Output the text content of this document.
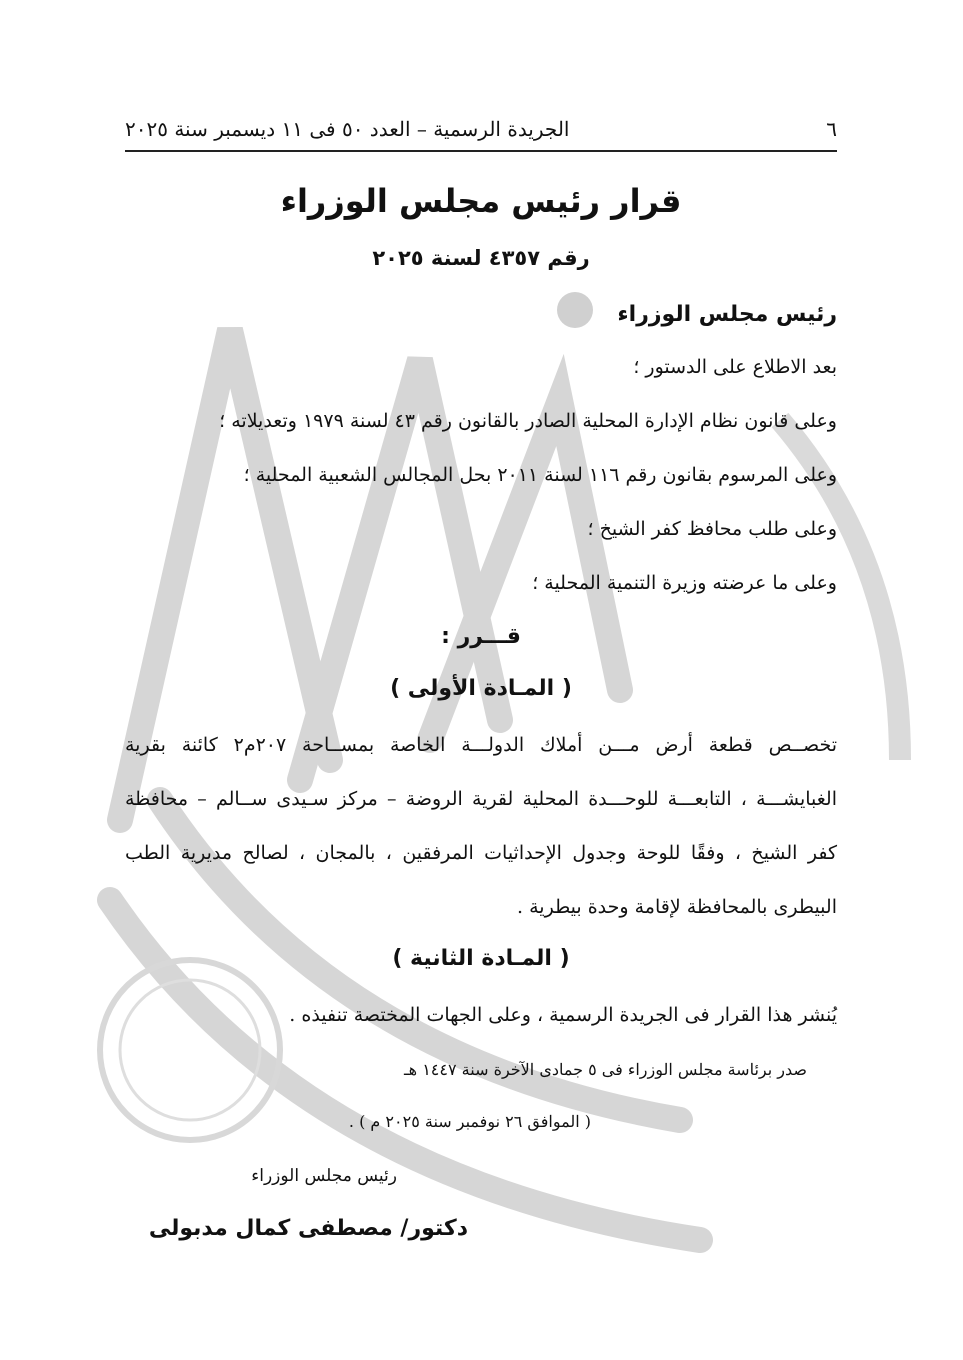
٦
الجريدة الرسمية – العدد ٥٠ فى ١١ ديسمبر سنة ٢٠٢٥
قرار رئيس مجلس الوزراء
رقم ٤٣٥٧ لسنة ٢٠٢٥
رئيس مجلس الوزراء
بعد الاطلاع على الدستور ؛
وعلى قانون نظام الإدارة المحلية الصادر بالقانون رقم ٤٣ لسنة ١٩٧٩ وتعديلاته ؛
وعلى المرسوم بقانون رقم ١١٦ لسنة ٢٠١١ بحل المجالس الشعبية المحلية ؛
وعلى طلب محافظ كفر الشيخ ؛
وعلى ما عرضته وزيرة التنمية المحلية ؛
قـــرر :
( المـادة الأولى )
تخصــص قطعة أرض مـــن أملاك الدولـــة الخاصة بمســاحة ٢٠٧م٢ كائنة بقرية
الغبايشـــة ، التابعـــة للوحـــدة المحلية لقرية الروضة – مركز سـيدى ســالم – محافظة
كفر الشيخ ، وفقًا للوحة وجدول الإحداثيات المرفقين ، بالمجان ، لصالح مديرية الطب
البيطرى بالمحافظة لإقامة وحدة بيطرية .
( المـادة الثانية )
يُنشر هذا القرار فى الجريدة الرسمية ، وعلى الجهات المختصة تنفيذه .
صدر برئاسة مجلس الوزراء فى ٥ جمادى الآخرة سنة ١٤٤٧ هـ
( الموافق ٢٦ نوفمبر سنة ٢٠٢٥ م ) .
رئيس مجلس الوزراء
دكتور/ مصطفى كمال مدبولى
